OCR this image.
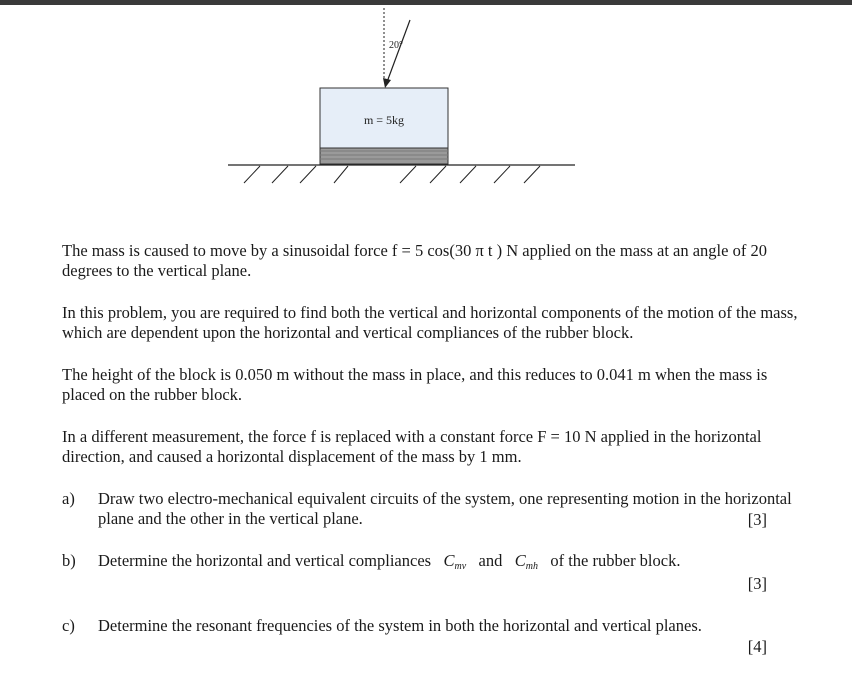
20°
m = 5kg

The mass is caused to move by a sinusoidal force f = 5 cos(30 π t ) N applied on the mass at an angle of 20 degrees to the vertical plane.

In this problem, you are required to find both the vertical and horizontal components of the motion of the mass, which are dependent upon the horizontal and vertical compliances of the rubber block.

The height of the block is 0.050 m without the mass in place, and this reduces to 0.041 m when the mass is placed on the rubber block.

In a different measurement, the force f is replaced with a constant force F = 10 N applied in the horizontal direction, and caused a horizontal displacement of the mass by 1 mm.

a) Draw two electro-mechanical equivalent circuits of the system, one representing motion in the horizontal plane and the other in the vertical plane.	[3]
b) Determine the horizontal and vertical compliances $C_{mv}$ and $C_{mh}$ of the rubber block.
[3]
c) Determine the resonant frequencies of the system in both the horizontal and vertical planes.
[4]
